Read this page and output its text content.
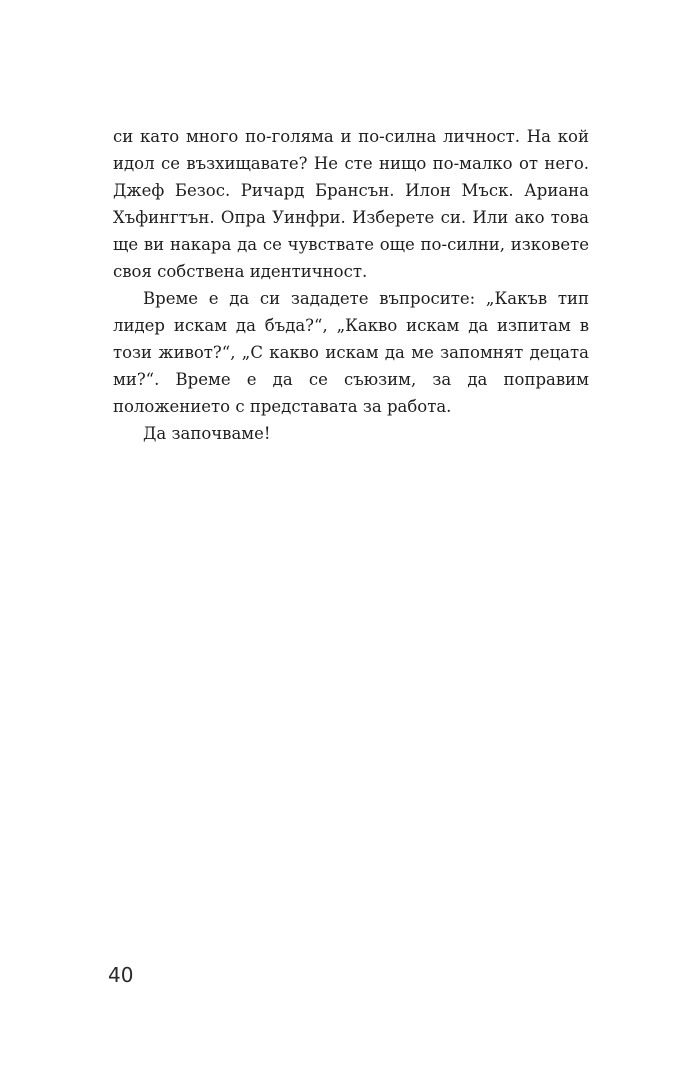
си като много по-голяма и по-силна личност. На кой идол се възхищавате? Не сте нищо по-малко от него. Джеф Безос. Ричард Брансън. Илон Мъск. Ариана Хъфингтън. Опра Уинфри. Изберете си. Или ако това ще ви накара да се чувствате още по-силни, изковете своя собствена идентичност.

Време е да си зададете въпросите: „Какъв тип лидер искам да бъда?“, „Какво искам да изпитам в този живот?“, „С какво искам да ме запомнят децата ми?“. Време е да се съюзим, за да поправим положението с представата за работа.

Да започваме!

40
